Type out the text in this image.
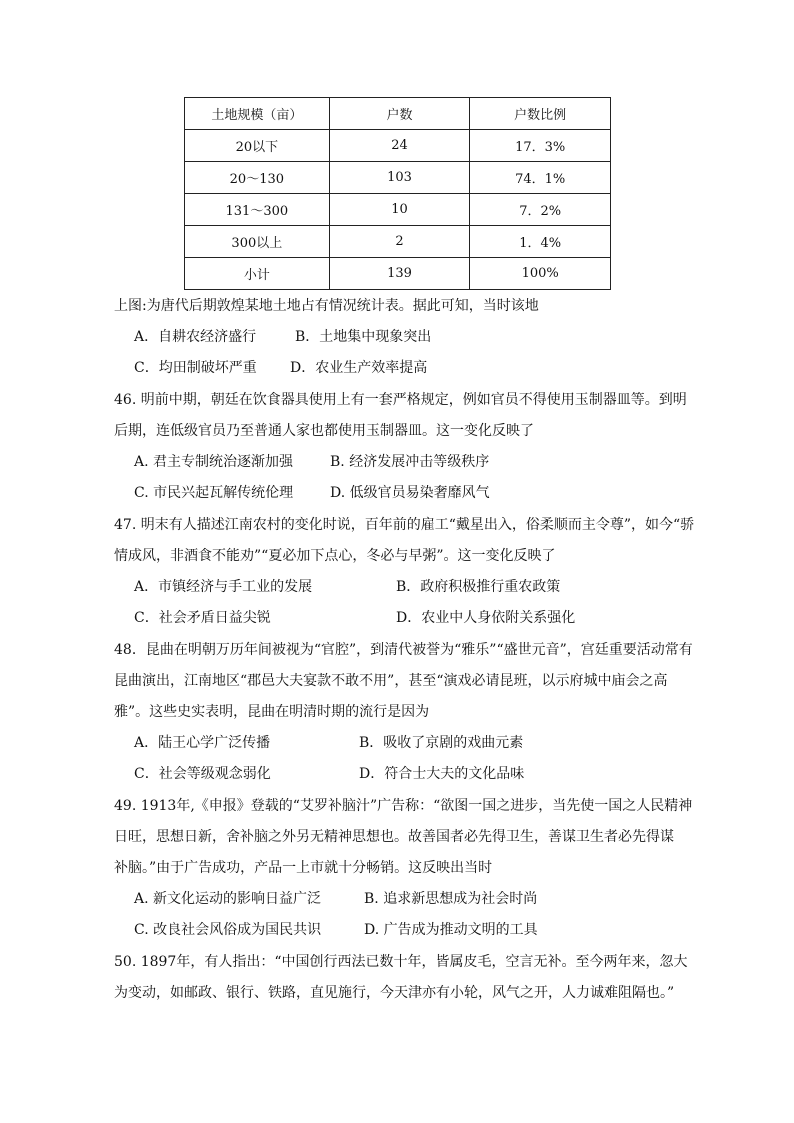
土地规模（亩）	户数	户数比例
20以下	24	17．3%
20～130	103	74．1%
131～300	10	7．2%
300以上	2	1．4%
小计	139	100%
上图:为唐代后期敦煌某地土地占有情况统计表。据此可知，当时该地
A．自耕农经济盛行	B．土地集中现象突出
C．均田制破坏严重 D．农业生产效率提高
46. 明前中期，朝廷在饮食器具使用上有一套严格规定，例如官员不得使用玉制器皿等。到明
后期，连低级官员乃至普通人家也都使用玉制器皿。这一变化反映了
A. 君主专制统治逐渐加强	B. 经济发展冲击等级秩序
C. 市民兴起瓦解传统伦理	D. 低级官员易染奢靡风气
47. 明末有人描述江南农村的变化时说，百年前的雇工“戴星出入，俗柔顺而主令尊”，如今“骄
情成风，非酒食不能劝”“夏必加下点心，冬必与早粥”。这一变化反映了
A．市镇经济与手工业的发展	B．政府积极推行重农政策
C．社会矛盾日益尖锐	D．农业中人身依附关系强化
48．昆曲在明朝万历年间被视为“官腔”，到清代被誉为“雅乐”“盛世元音”，宫廷重要活动常有
昆曲演出，江南地区“郡邑大夫宴款不敢不用”，甚至“演戏必请昆班，以示府城中庙会之高
雅”。这些史实表明，昆曲在明清时期的流行是因为
A．陆王心学广泛传播	B．吸收了京剧的戏曲元素
C．社会等级观念弱化	D．符合士大夫的文化品味
49. 1913年,《申报》登载的“艾罗补脑汁”广告称：“欲图一国之进步，当先使一国之人民精神
日旺，思想日新，舍补脑之外另无精神思想也。故善国者必先得卫生，善谋卫生者必先得谋
补脑。”由于广告成功，产品一上市就十分畅销。这反映出当时
A. 新文化运动的影响日益广泛	B. 追求新思想成为社会时尚
C. 改良社会风俗成为国民共识	D. 广告成为推动文明的工具
50. 1897年，有人指出：“中国创行西法已数十年，皆属皮毛，空言无补。至今两年来，忽大
为变动，如邮政、银行、铁路，直见施行，今天津亦有小轮，风气之开，人力诚难阻隔也。”
